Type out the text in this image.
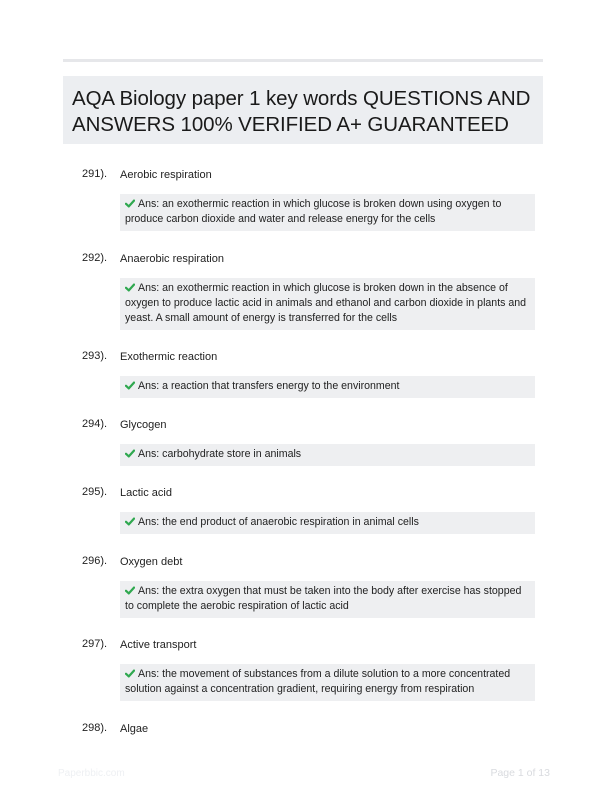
AQA Biology paper 1 key words QUESTIONS AND ANSWERS 100% VERIFIED A+ GUARANTEED
291). Aerobic respiration
Ans: an exothermic reaction in which glucose is broken down using oxygen to produce carbon dioxide and water and release energy for the cells
292). Anaerobic respiration
Ans: an exothermic reaction in which glucose is broken down in the absence of oxygen to produce lactic acid in animals and ethanol and carbon dioxide in plants and yeast. A small amount of energy is transferred for the cells
293). Exothermic reaction
Ans: a reaction that transfers energy to the environment
294). Glycogen
Ans: carbohydrate store in animals
295). Lactic acid
Ans: the end product of anaerobic respiration in animal cells
296). Oxygen debt
Ans: the extra oxygen that must be taken into the body after exercise has stopped to complete the aerobic respiration of lactic acid
297). Active transport
Ans: the movement of substances from a dilute solution to a more concentrated solution against a concentration gradient, requiring energy from respiration
298). Algae
Paperbbic.com	Page 1 of 13
